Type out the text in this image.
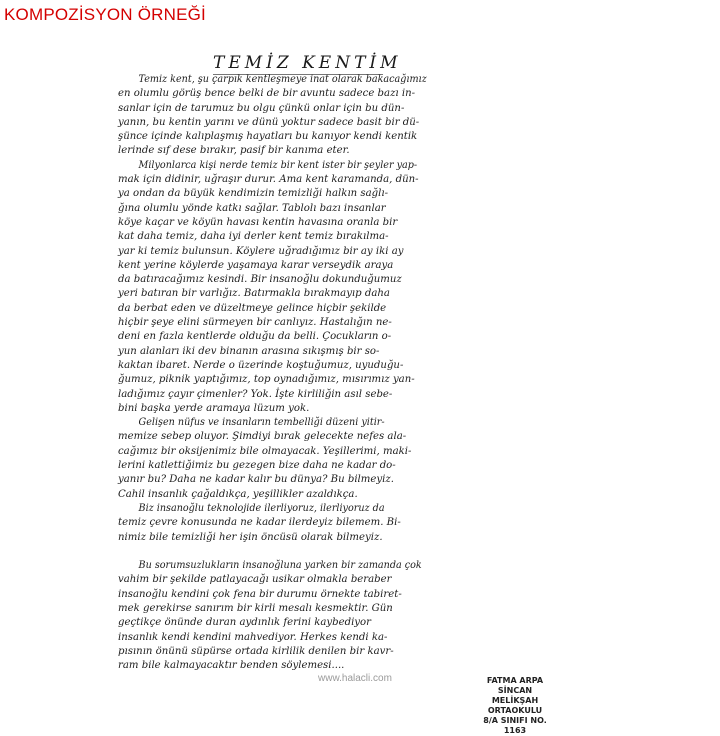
KOMPOZİSYON ÖRNEĞİ
TEMİZ KENTİM
Temiz kent, şu çarpık kentleşmeye inat olarak bakacağımız
en olumlu görüş bence belki de bir avuntu sadece bazı in-
sanlar için de tarumuz bu olgu çünkü onlar için bu dün-
yanın, bu kentin yarını ve dünü yoktur sadece basit bir dü-
şünce içinde kalıplaşmış hayatları bu kanıyor kendi kentik
lerinde sıf dese bırakır, pasif bir kanıma eter.
Milyonlarca kişi nerde temiz bir kent ister bir şeyler yap-
mak için didinir, uğraşır durur. Ama kent karamanda, dün-
ya ondan da büyük kendimizin temizliği halkın sağlı-
ğına olumlu yönde katkı sağlar. Tablolı bazı insanlar
köye kaçar ve köyün havası kentin havasına oranla bir
kat daha temiz, daha iyi derler kent temiz bırakılma-
yar ki temiz bulunsun. Köylere uğradığımız bir ay iki ay
kent yerine köylerde yaşamaya karar verseydik araya
da batıracağımız kesindi. Bir insanoğlu dokunduğumuz
yeri batıran bir varlığız. Batırmakla bırakmayıp daha
da berbat eden ve düzeltmeye gelince hiçbir şekilde
hiçbir şeye elini sürmeyen bir canlıyız. Hastalığın ne-
deni en fazla kentlerde olduğu da belli. Çocukların o-
yun alanları iki dev binanın arasına sıkışmış bir so-
kaktan ibaret. Nerde o üzerinde koştuğumuz, uyuduğu-
ğumuz, piknik yaptığımız, top oynadığımız, mısırımız yan-
ladığımız çayır çimenler? Yok. İşte kirliliğin asıl sebe-
bini başka yerde aramaya lüzum yok.
Gelişen nüfus ve insanların tembelliği düzeni yitir-
memize sebep oluyor. Şimdiyi bırak gelecekte nefes ala-
cağımız bir oksijenimiz bile olmayacak. Yeşillerimi, maki-
lerini katlettiğimiz bu gezegen bize daha ne kadar do-
yanır bu? Daha ne kadar kalır bu dünya? Bu bilmeyiz.
Cahil insanlık çağaldıkça, yeşillikler azaldıkça.
Biz insanoğlu teknolojide ilerliyoruz, ilerliyoruz da
temiz çevre konusunda ne kadar ilerdeyiz bilemem. Bi-
nimiz bile temizliği her işin öncüsü olarak bilmeyiz.
Bu sorumsuzlukların insanoğluna yarken bir zamanda çok
vahim bir şekilde patlayacağı usikar olmakla beraber
insanoğlu kendini çok fena bir durumu örnekte tabiret-
mek gerekirse sanırım bir kirli mesalı kesmektir. Gün
geçtikçe önünde duran aydınlık ferini kaybediyor
insanlık kendi kendini mahvediyor. Herkes kendi ka-
pısının önünü süpürse ortada kirlilik denilen bir kavr-
ram bile kalmayacaktır benden söylemesi....
FATMA ARPA
SİNCAN MELİKŞAH ORTAOKULU
8/A SINIFI NO. 1163
www.halacli.com
